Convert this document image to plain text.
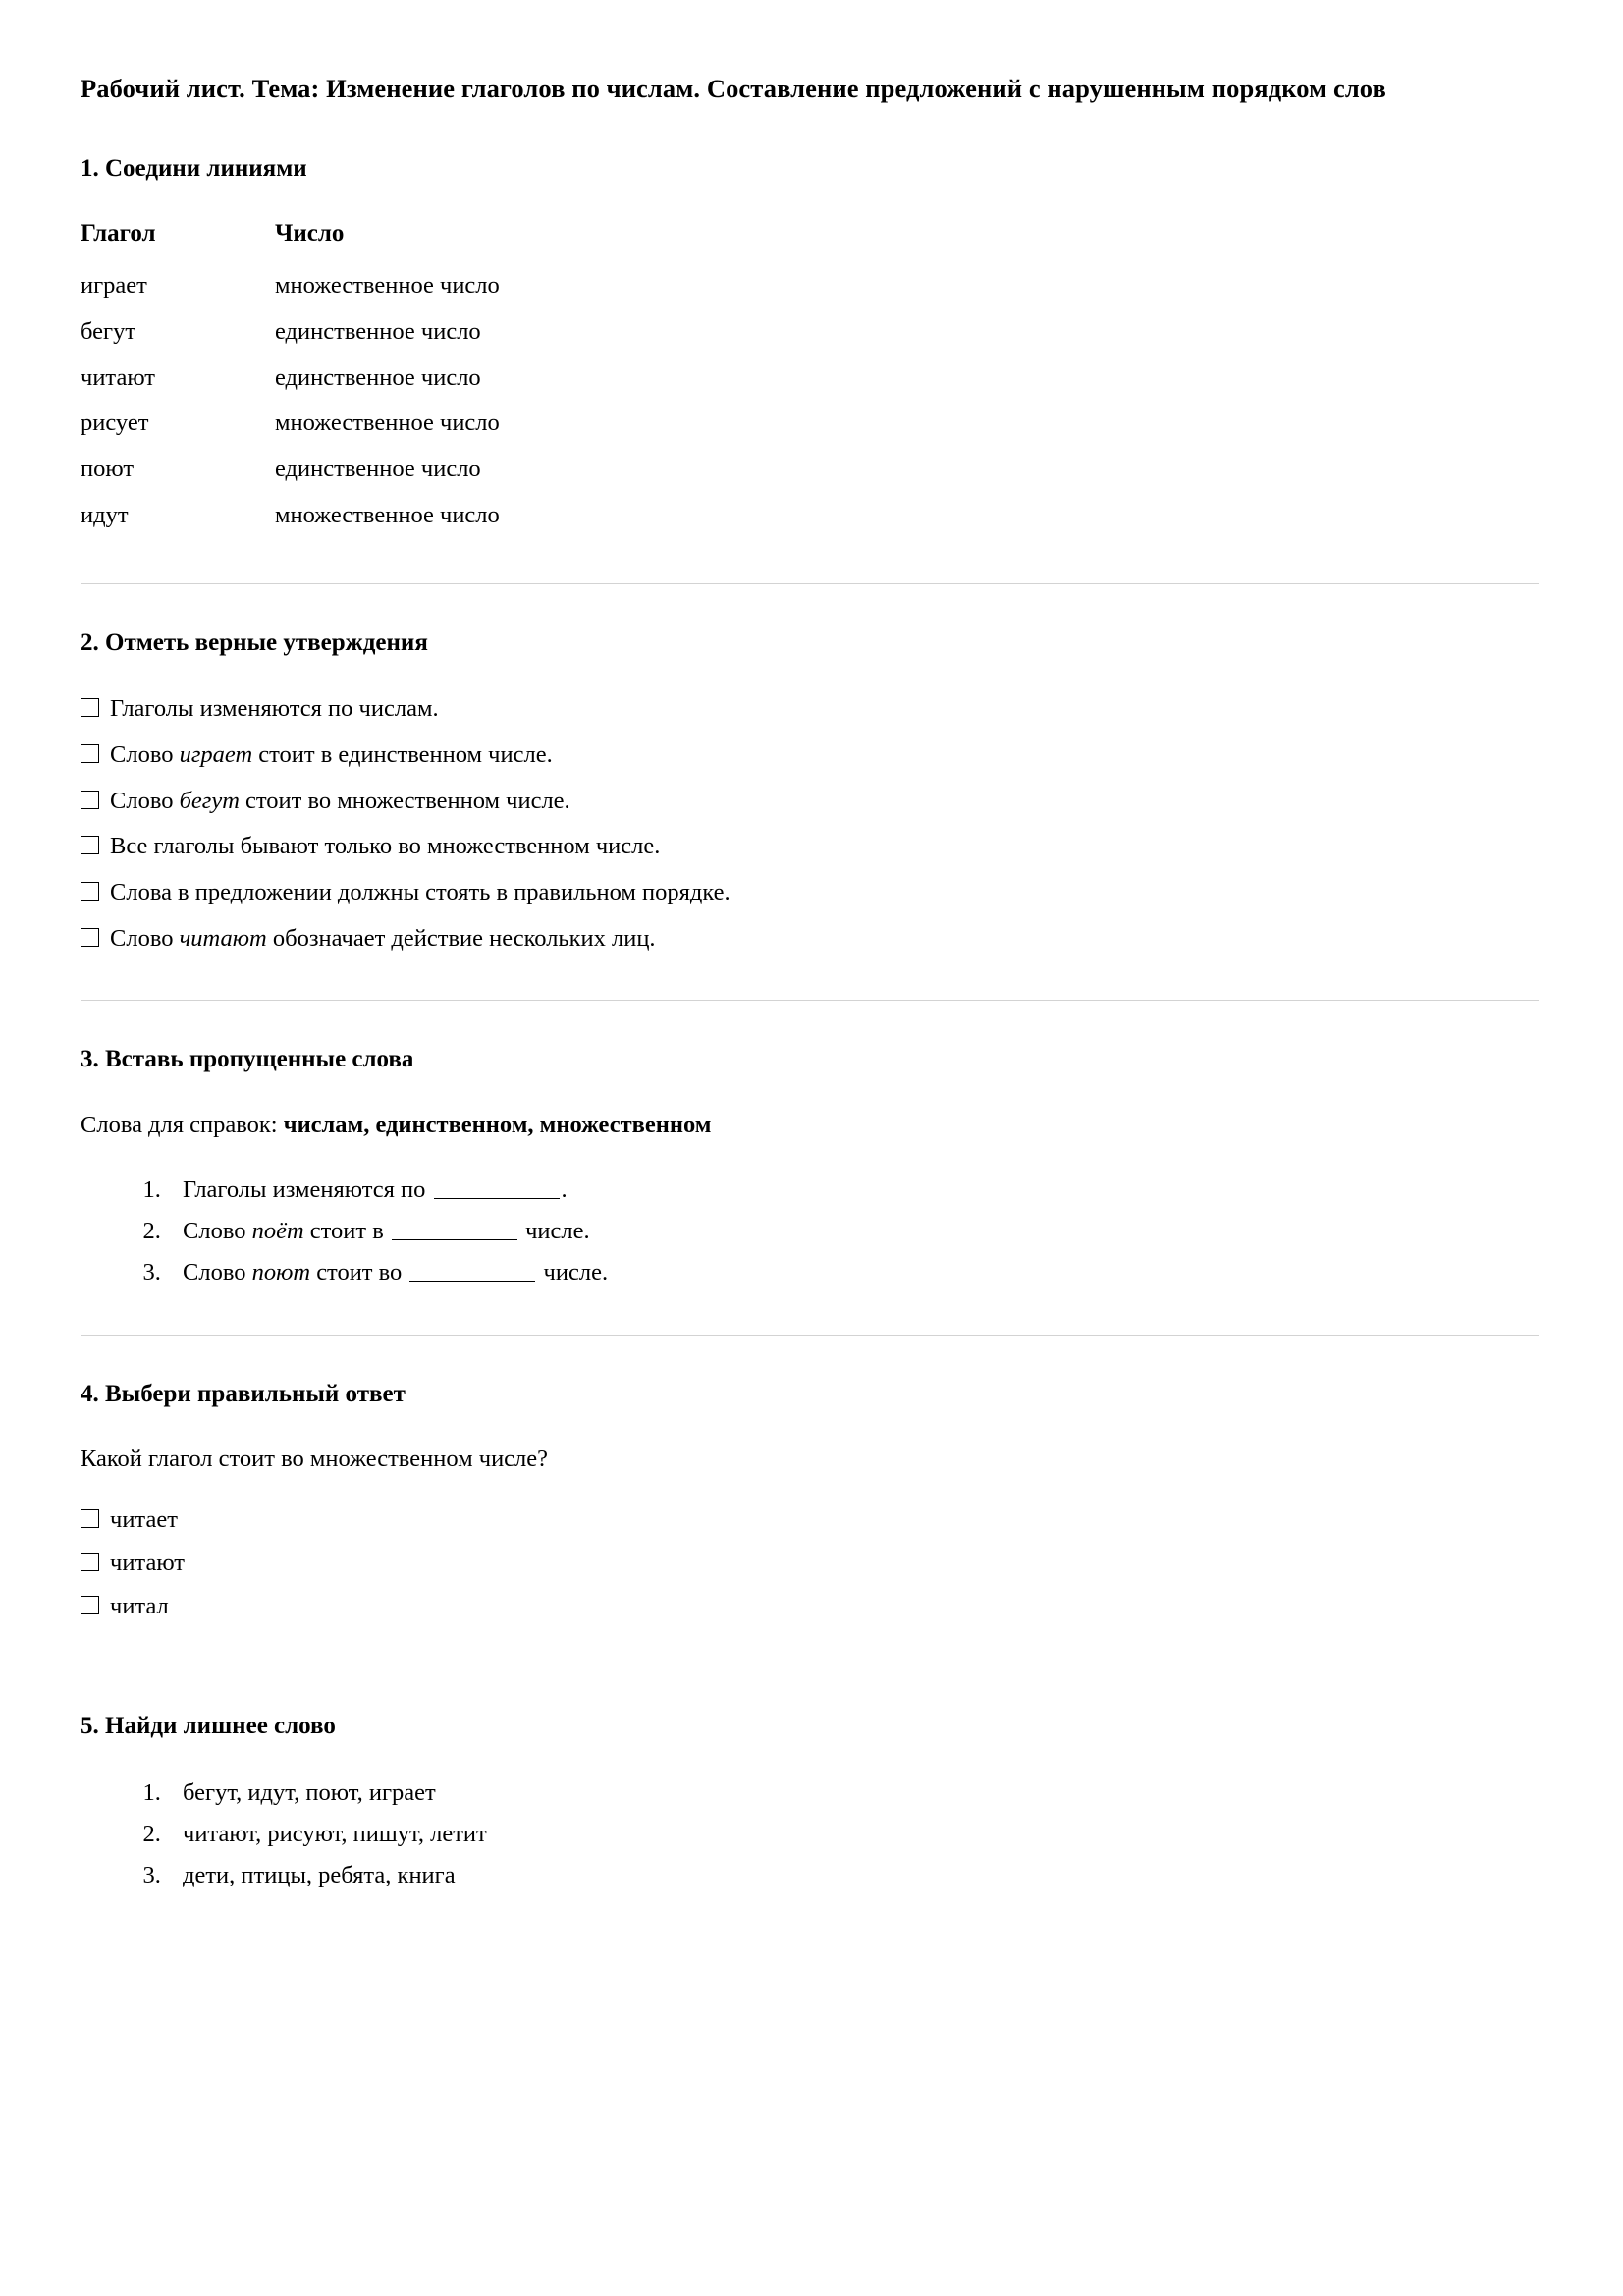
Рабочий лист. Тема: Изменение глаголов по числам. Составление предложений с нарушенным порядком слов
1. Соедини линиями
Глагол	Число
играет	множественное число
бегут	единственное число
читают	единственное число
рисует	множественное число
поют	единственное число
идут	множественное число
2. Отметь верные утверждения
Глаголы изменяются по числам.
Слово играет стоит в единственном числе.
Слово бегут стоит во множественном числе.
Все глаголы бывают только во множественном числе.
Слова в предложении должны стоять в правильном порядке.
Слово читают обозначает действие нескольких лиц.
3. Вставь пропущенные слова

Слова для справок: числам, единственном, множественном

1. Глаголы изменяются по	.
2. Слово поёт стоит в	числе.
3. Слово поют стоит во	числе.
4. Выбери правильный ответ

Какой глагол стоит во множественном числе?

читает
читают
читал
5. Найди лишнее слово
1. бегут, идут, поют, играет
2. читают, рисуют, пишут, летит
3. дети, птицы, ребята, книга
